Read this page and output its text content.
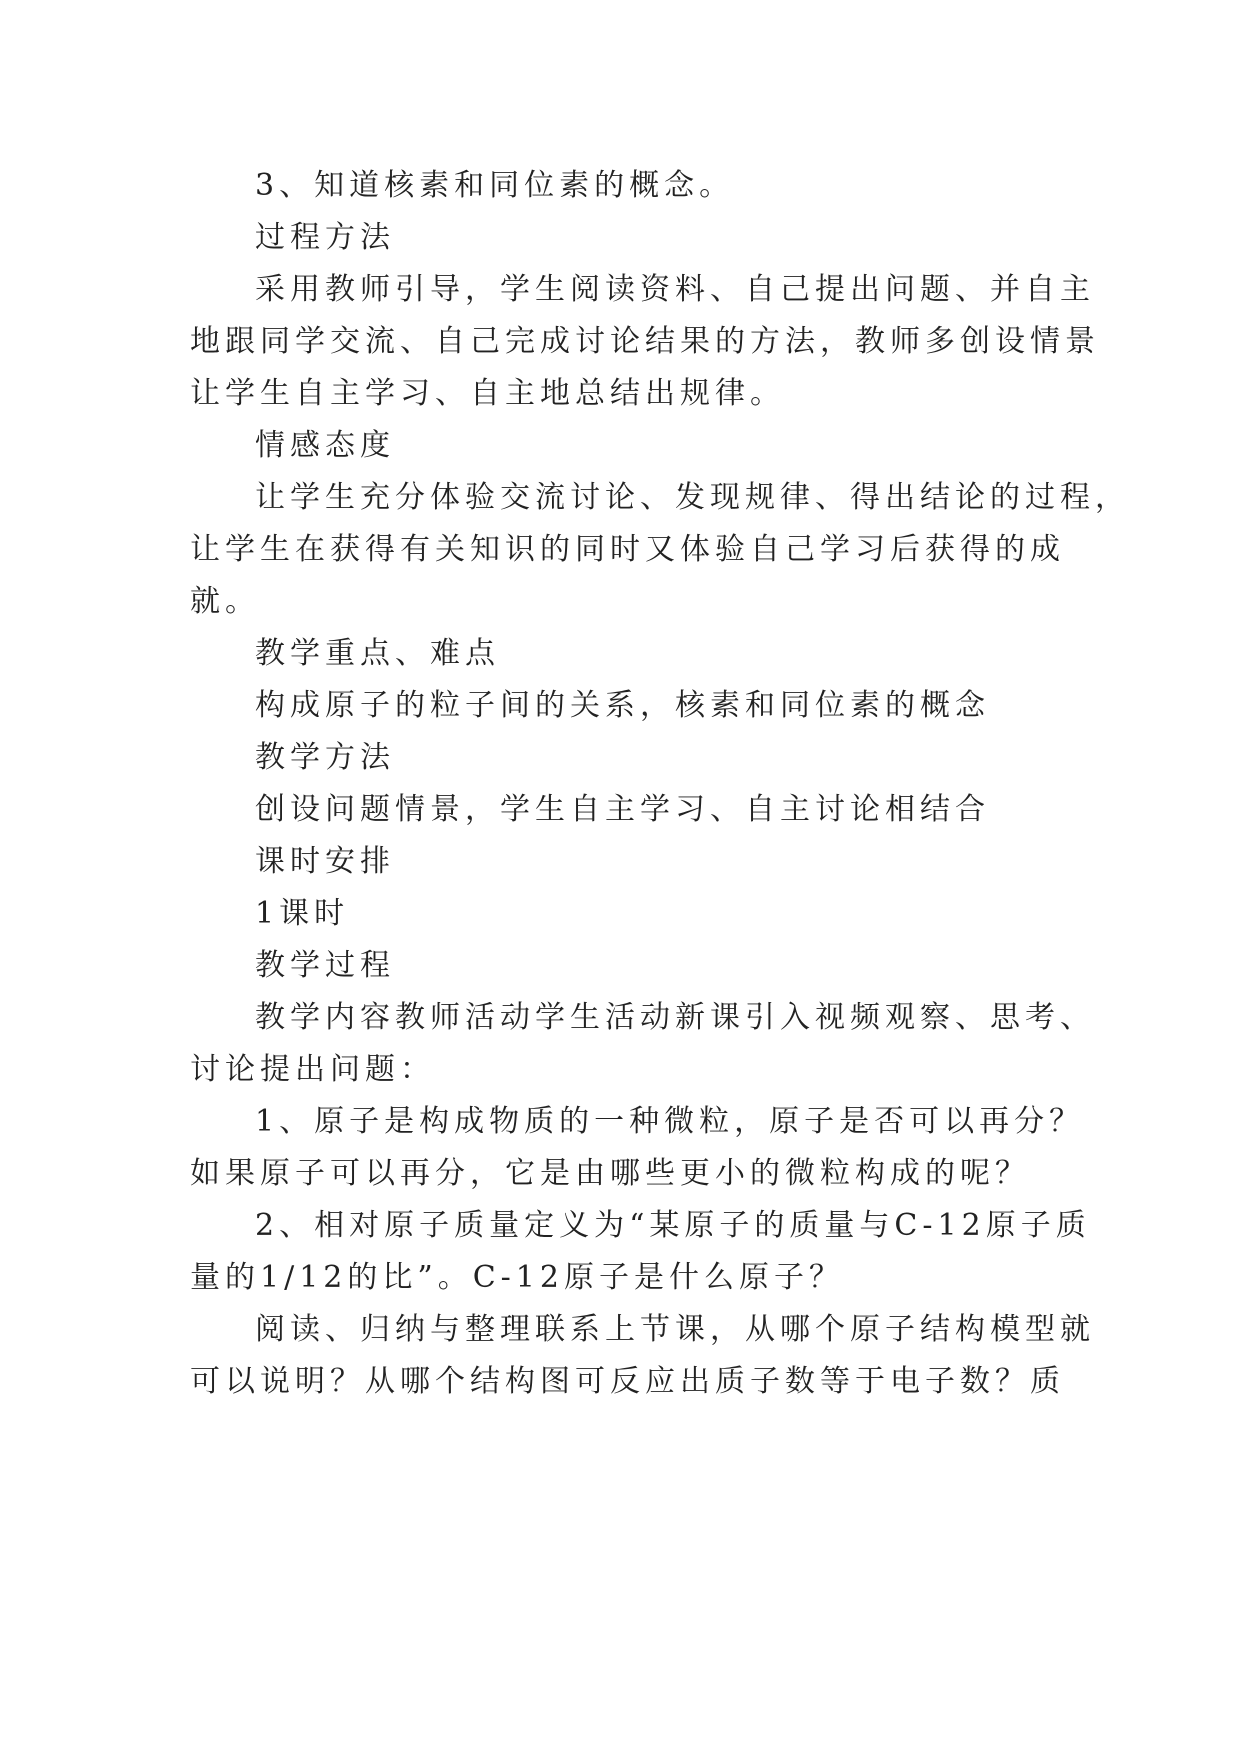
3、知道核素和同位素的概念。
过程方法
采用教师引导，学生阅读资料、自己提出问题、并自主
地跟同学交流、自己完成讨论结果的方法，教师多创设情景
让学生自主学习、自主地总结出规律。
情感态度
让学生充分体验交流讨论、发现规律、得出结论的过程，
让学生在获得有关知识的同时又体验自己学习后获得的成
就。
教学重点、难点
构成原子的粒子间的关系，核素和同位素的概念
教学方法
创设问题情景，学生自主学习、自主讨论相结合
课时安排
1课时
教学过程
教学内容教师活动学生活动新课引入视频观察、思考、
讨论提出问题：
1、原子是构成物质的一种微粒，原子是否可以再分？
如果原子可以再分，它是由哪些更小的微粒构成的呢？
2、相对原子质量定义为“某原子的质量与C-12原子质
量的1/12的比”。C-12原子是什么原子？
阅读、归纳与整理联系上节课，从哪个原子结构模型就
可以说明？从哪个结构图可反应出质子数等于电子数？质
